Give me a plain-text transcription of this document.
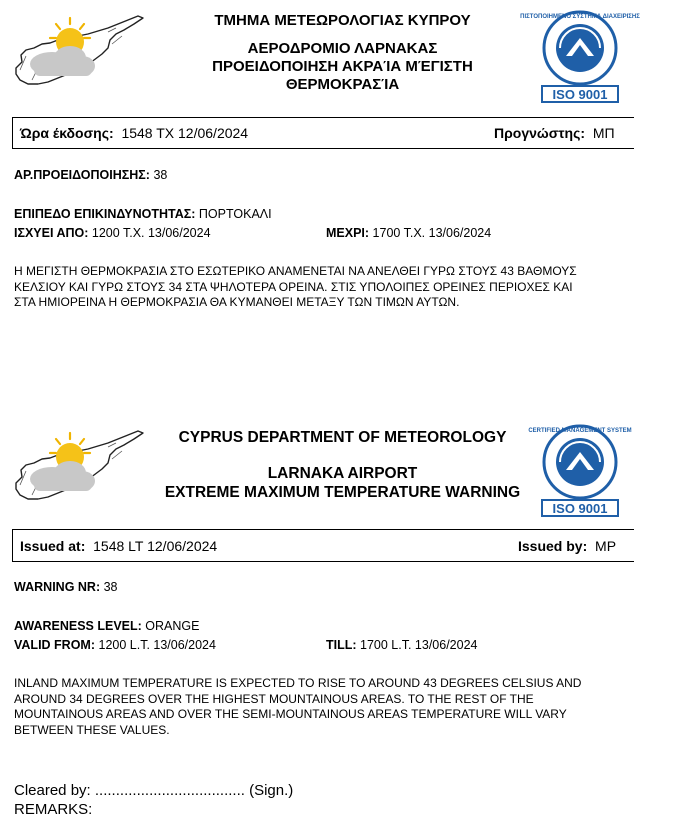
ΤΜΗΜΑ ΜΕΤΕΩΡΟΛΟΓΙΑΣ ΚΥΠΡΟΥ
ΑΕΡΟΔΡΟΜΙΟ ΛΑΡΝΑΚΑΣ
ΠΡΟΕΙΔΟΠΟΙΗΣΗ ΑΚΡΑΊΑ ΜΈΓΙΣΤΗ
ΘΕΡΜΟΚΡΑΣΊΑ
ΠΙΣΤΟΠΟΙΗΜΕΝΟ ΣΥΣΤΗΜΑ ΔΙΑΧΕΙΡΙΣΗΣ
ISO 9001
Ώρα έκδοσης: 1548 ΤΧ 12/06/2024	Προγνώστης: ΜΠ
ΑΡ.ΠΡΟΕΙΔΟΠΟΙΗΣΗΣ: 38
ΕΠΙΠΕΔΟ ΕΠΙΚΙΝΔΥΝΟΤΗΤΑΣ: ΠΟΡΤΟΚΑΛΙ
ΙΣΧΥΕΙ ΑΠΟ: 1200 Τ.Χ. 13/06/2024	ΜΕΧΡΙ: 1700 Τ.Χ. 13/06/2024
Η ΜΕΓΙΣΤΗ ΘΕΡΜΟΚΡΑΣΙΑ ΣΤΟ ΕΣΩΤΕΡΙΚΟ ΑΝΑΜΕΝΕΤΑΙ ΝΑ ΑΝΕΛΘΕΙ ΓΥΡΩ ΣΤΟΥΣ 43 ΒΑΘΜΟΥΣ
ΚΕΛΣΙΟΥ ΚΑΙ ΓΥΡΩ ΣΤΟΥΣ 34 ΣΤΑ ΨΗΛΟΤΕΡΑ ΟΡΕΙΝΑ. ΣΤΙΣ ΥΠΟΛΟΙΠΕΣ ΟΡΕΙΝΕΣ ΠΕΡΙΟΧΕΣ ΚΑΙ
ΣΤΑ ΗΜΙΟΡΕΙΝΑ Η ΘΕΡΜΟΚΡΑΣΙΑ ΘΑ ΚΥΜΑΝΘΕΙ ΜΕΤΑΞΥ ΤΩΝ ΤΙΜΩΝ ΑΥΤΩΝ.
CYPRUS DEPARTMENT OF METEOROLOGY
LARNAKA AIRPORT
EXTREME MAXIMUM TEMPERATURE WARNING
CERTIFIED MANAGEMENT SYSTEM
ISO 9001
Issued at: 1548 LT 12/06/2024	Issued by: MP
WARNING NR: 38
AWARENESS LEVEL: ORANGE
VALID FROM: 1200 L.T. 13/06/2024	TILL: 1700 L.T. 13/06/2024
INLAND MAXIMUM TEMPERATURE IS EXPECTED TO RISE TO AROUND 43 DEGREES CELSIUS AND
AROUND 34 DEGREES OVER THE HIGHEST MOUNTAINOUS AREAS. TO THE REST OF THE
MOUNTAINOUS AREAS AND OVER THE SEMI-MOUNTAINOUS AREAS TEMPERATURE WILL VARY
BETWEEN THESE VALUES.
Cleared by: .................................... (Sign.)
REMARKS:
